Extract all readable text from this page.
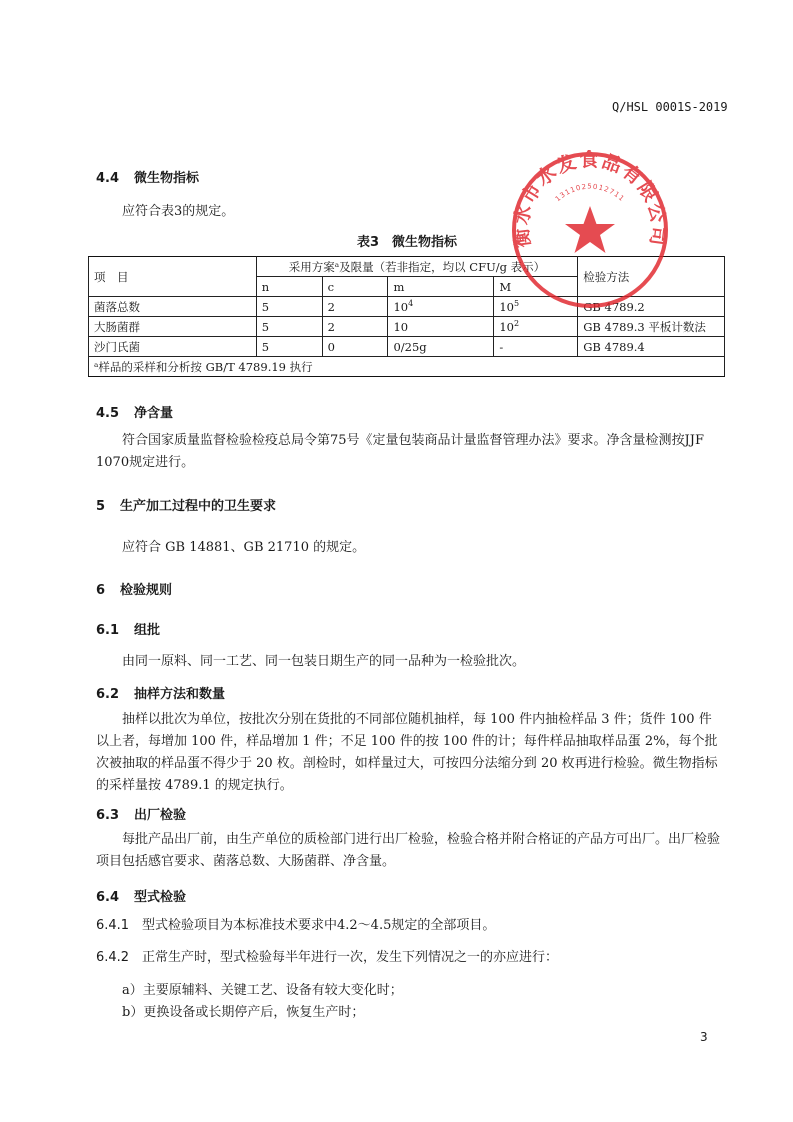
Q/HSL 0001S-2019
4.4 微生物指标
应符合表3的规定。
表3　微生物指标
项　目	采用方案ᵃ及限量（若非指定，均以 CFU/g 表示）				检验方法
	n	c	m	M	
菌落总数	5	2	$10^4$	$10^5$	GB 4789.2
大肠菌群	5	2	10	$10^2$	GB 4789.3 平板计数法
沙门氏菌	5	0	0/25g	-	GB 4789.4
ᵃ样品的采样和分析按 GB/T 4789.19 执行					
4.5 净含量
符合国家质量监督检验检疫总局令第75号《定量包装商品计量监督管理办法》要求。净含量检测按JJF 1070规定进行。
5 生产加工过程中的卫生要求
应符合 GB 14881、GB 21710 的规定。
6 检验规则
6.1 组批
由同一原料、同一工艺、同一包装日期生产的同一品种为一检验批次。
6.2 抽样方法和数量
抽样以批次为单位，按批次分别在货批的不同部位随机抽样，每 100 件内抽检样品 3 件；货件 100 件以上者，每增加 100 件，样品增加 1 件；不足 100 件的按 100 件的计；每件样品抽取样品蛋 2%，每个批次被抽取的样品蛋不得少于 20 枚。剖检时，如样量过大，可按四分法缩分到 20 枚再进行检验。微生物指标的采样量按 4789.1 的规定执行。
6.3 出厂检验
每批产品出厂前，由生产单位的质检部门进行出厂检验，检验合格并附合格证的产品方可出厂。出厂检验项目包括感官要求、菌落总数、大肠菌群、净含量。
6.4 型式检验
6.4.1 型式检验项目为本标准技术要求中4.2～4.5规定的全部项目。
6.4.2 正常生产时，型式检验每半年进行一次，发生下列情况之一的亦应进行：
a）主要原辅料、关键工艺、设备有较大变化时；
b）更换设备或长期停产后，恢复生产时；
3
衡水市水发食品有限公司
1311025012711
